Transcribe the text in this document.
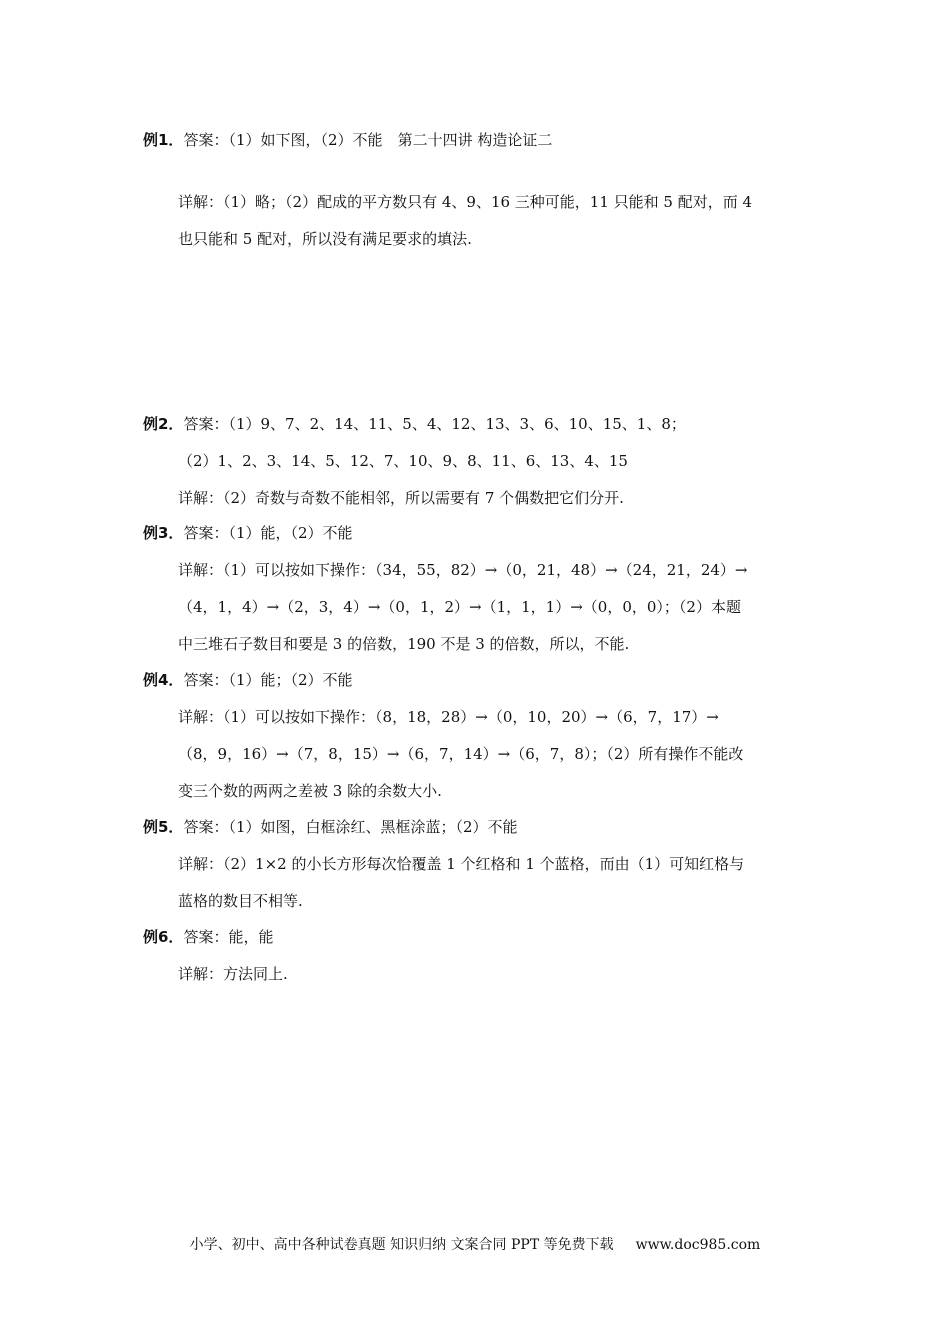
第二十四讲 构造论证二
例1．答案：（1）如下图，（2）不能
详解：（1）略；（2）配成的平方数只有 4、9、16 三种可能，11 只能和 5 配对，而 4
也只能和 5 配对，所以没有满足要求的填法.
例2．答案：（1）9、7、2、14、11、5、4、12、13、3、6、10、15、1、8；
（2）1、2、3、14、5、12、7、10、9、8、11、6、13、4、15
详解：（2）奇数与奇数不能相邻，所以需要有 7 个偶数把它们分开.
例3．答案：（1）能，（2）不能
详解：（1）可以按如下操作：（34，55，82）→（0，21，48）→（24，21，24）→
（4，1，4）→（2，3，4）→（0，1，2）→（1，1，1）→（0，0，0）；（2）本题
中三堆石子数目和要是 3 的倍数，190 不是 3 的倍数，所以，不能.
例4．答案：（1）能；（2）不能
详解：（1）可以按如下操作：（8，18，28）→（0，10，20）→（6，7，17）→
（8，9，16）→（7，8，15）→（6，7，14）→（6，7，8）；（2）所有操作不能改
变三个数的两两之差被 3 除的余数大小.
例5．答案：（1）如图，白框涂红、黑框涂蓝；（2）不能
详解：（2）1×2 的小长方形每次恰覆盖 1 个红格和 1 个蓝格，而由（1）可知红格与
蓝格的数目不相等.
例6．答案：能，能
详解：方法同上.
小学、初中、高中各种试卷真题 知识归纳 文案合同 PPT 等免费下载 www.doc985.com
